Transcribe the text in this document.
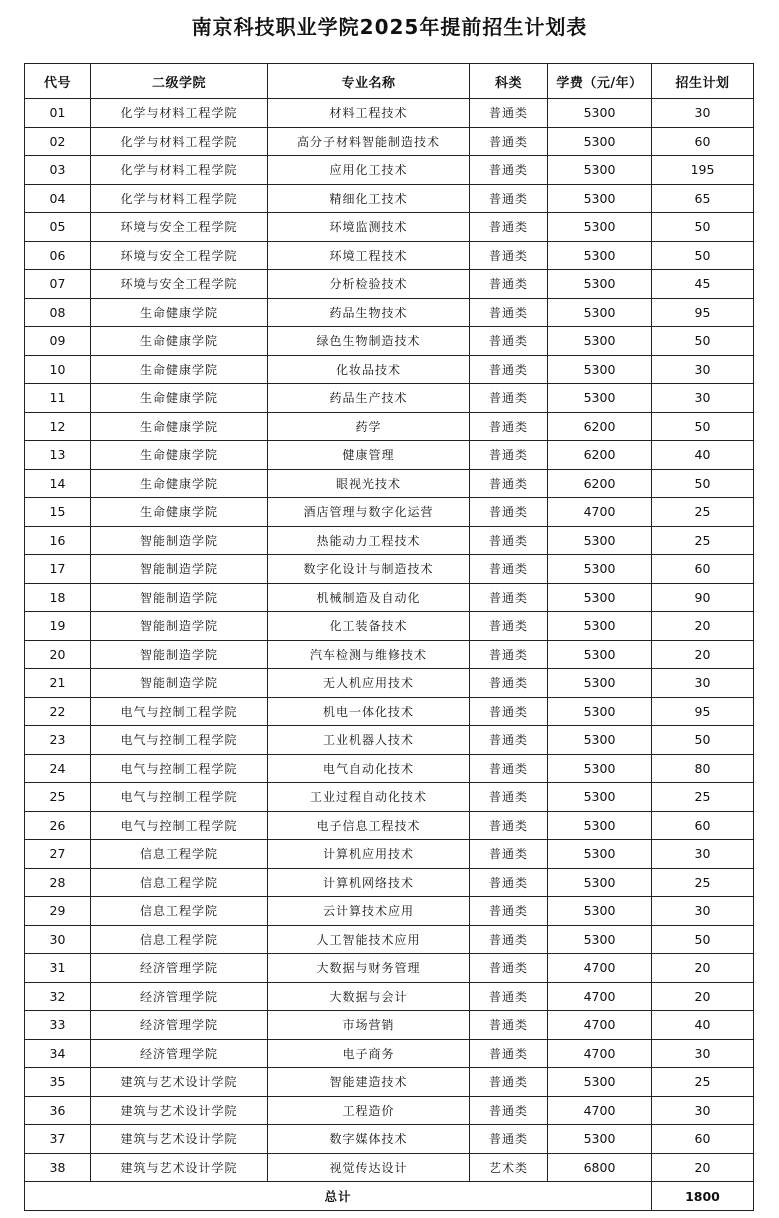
南京科技职业学院2025年提前招生计划表
代号	二级学院	专业名称	科类	学费（元/年）	招生计划
01	化学与材料工程学院	材料工程技术	普通类	5300	30
02	化学与材料工程学院	高分子材料智能制造技术	普通类	5300	60
03	化学与材料工程学院	应用化工技术	普通类	5300	195
04	化学与材料工程学院	精细化工技术	普通类	5300	65
05	环境与安全工程学院	环境监测技术	普通类	5300	50
06	环境与安全工程学院	环境工程技术	普通类	5300	50
07	环境与安全工程学院	分析检验技术	普通类	5300	45
08	生命健康学院	药品生物技术	普通类	5300	95
09	生命健康学院	绿色生物制造技术	普通类	5300	50
10	生命健康学院	化妆品技术	普通类	5300	30
11	生命健康学院	药品生产技术	普通类	5300	30
12	生命健康学院	药学	普通类	6200	50
13	生命健康学院	健康管理	普通类	6200	40
14	生命健康学院	眼视光技术	普通类	6200	50
15	生命健康学院	酒店管理与数字化运营	普通类	4700	25
16	智能制造学院	热能动力工程技术	普通类	5300	25
17	智能制造学院	数字化设计与制造技术	普通类	5300	60
18	智能制造学院	机械制造及自动化	普通类	5300	90
19	智能制造学院	化工装备技术	普通类	5300	20
20	智能制造学院	汽车检测与维修技术	普通类	5300	20
21	智能制造学院	无人机应用技术	普通类	5300	30
22	电气与控制工程学院	机电一体化技术	普通类	5300	95
23	电气与控制工程学院	工业机器人技术	普通类	5300	50
24	电气与控制工程学院	电气自动化技术	普通类	5300	80
25	电气与控制工程学院	工业过程自动化技术	普通类	5300	25
26	电气与控制工程学院	电子信息工程技术	普通类	5300	60
27	信息工程学院	计算机应用技术	普通类	5300	30
28	信息工程学院	计算机网络技术	普通类	5300	25
29	信息工程学院	云计算技术应用	普通类	5300	30
30	信息工程学院	人工智能技术应用	普通类	5300	50
31	经济管理学院	大数据与财务管理	普通类	4700	20
32	经济管理学院	大数据与会计	普通类	4700	20
33	经济管理学院	市场营销	普通类	4700	40
34	经济管理学院	电子商务	普通类	4700	30
35	建筑与艺术设计学院	智能建造技术	普通类	5300	25
36	建筑与艺术设计学院	工程造价	普通类	4700	30
37	建筑与艺术设计学院	数字媒体技术	普通类	5300	60
38	建筑与艺术设计学院	视觉传达设计	艺术类	6800	20
总计					1800
